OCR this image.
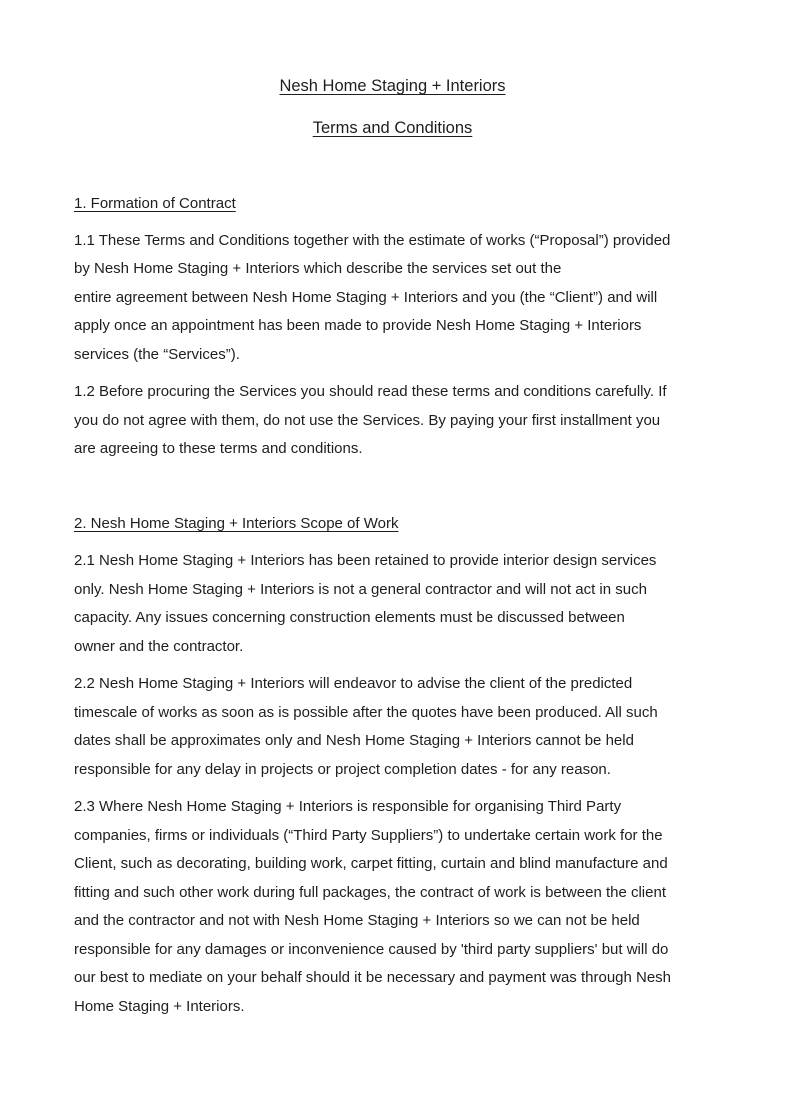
Nesh Home Staging + Interiors
Terms and Conditions
1. Formation of Contract

1.1 These Terms and Conditions together with the estimate of works (“Proposal”) provided
by Nesh Home Staging + Interiors which describe the services set out the
entire agreement between Nesh Home Staging + Interiors and you (the “Client”) and will
apply once an appointment has been made to provide Nesh Home Staging + Interiors
services (the “Services”).

1.2 Before procuring the Services you should read these terms and conditions carefully. If
you do not agree with them, do not use the Services. By paying your first installment you
are agreeing to these terms and conditions.

2. Nesh Home Staging + Interiors Scope of Work

2.1 Nesh Home Staging + Interiors has been retained to provide interior design services
only. Nesh Home Staging + Interiors is not a general contractor and will not act in such
capacity. Any issues concerning construction elements must be discussed between
owner and the contractor.

2.2 Nesh Home Staging + Interiors will endeavor to advise the client of the predicted
timescale of works as soon as is possible after the quotes have been produced. All such
dates shall be approximates only and Nesh Home Staging + Interiors cannot be held
responsible for any delay in projects or project completion dates - for any reason.

2.3 Where Nesh Home Staging + Interiors is responsible for organising Third Party
companies, firms or individuals (“Third Party Suppliers”) to undertake certain work for the
Client, such as decorating, building work, carpet fitting, curtain and blind manufacture and
fitting and such other work during full packages, the contract of work is between the client
and the contractor and not with Nesh Home Staging + Interiors so we can not be held
responsible for any damages or inconvenience caused by 'third party suppliers' but will do
our best to mediate on your behalf should it be necessary and payment was through Nesh
Home Staging + Interiors.
